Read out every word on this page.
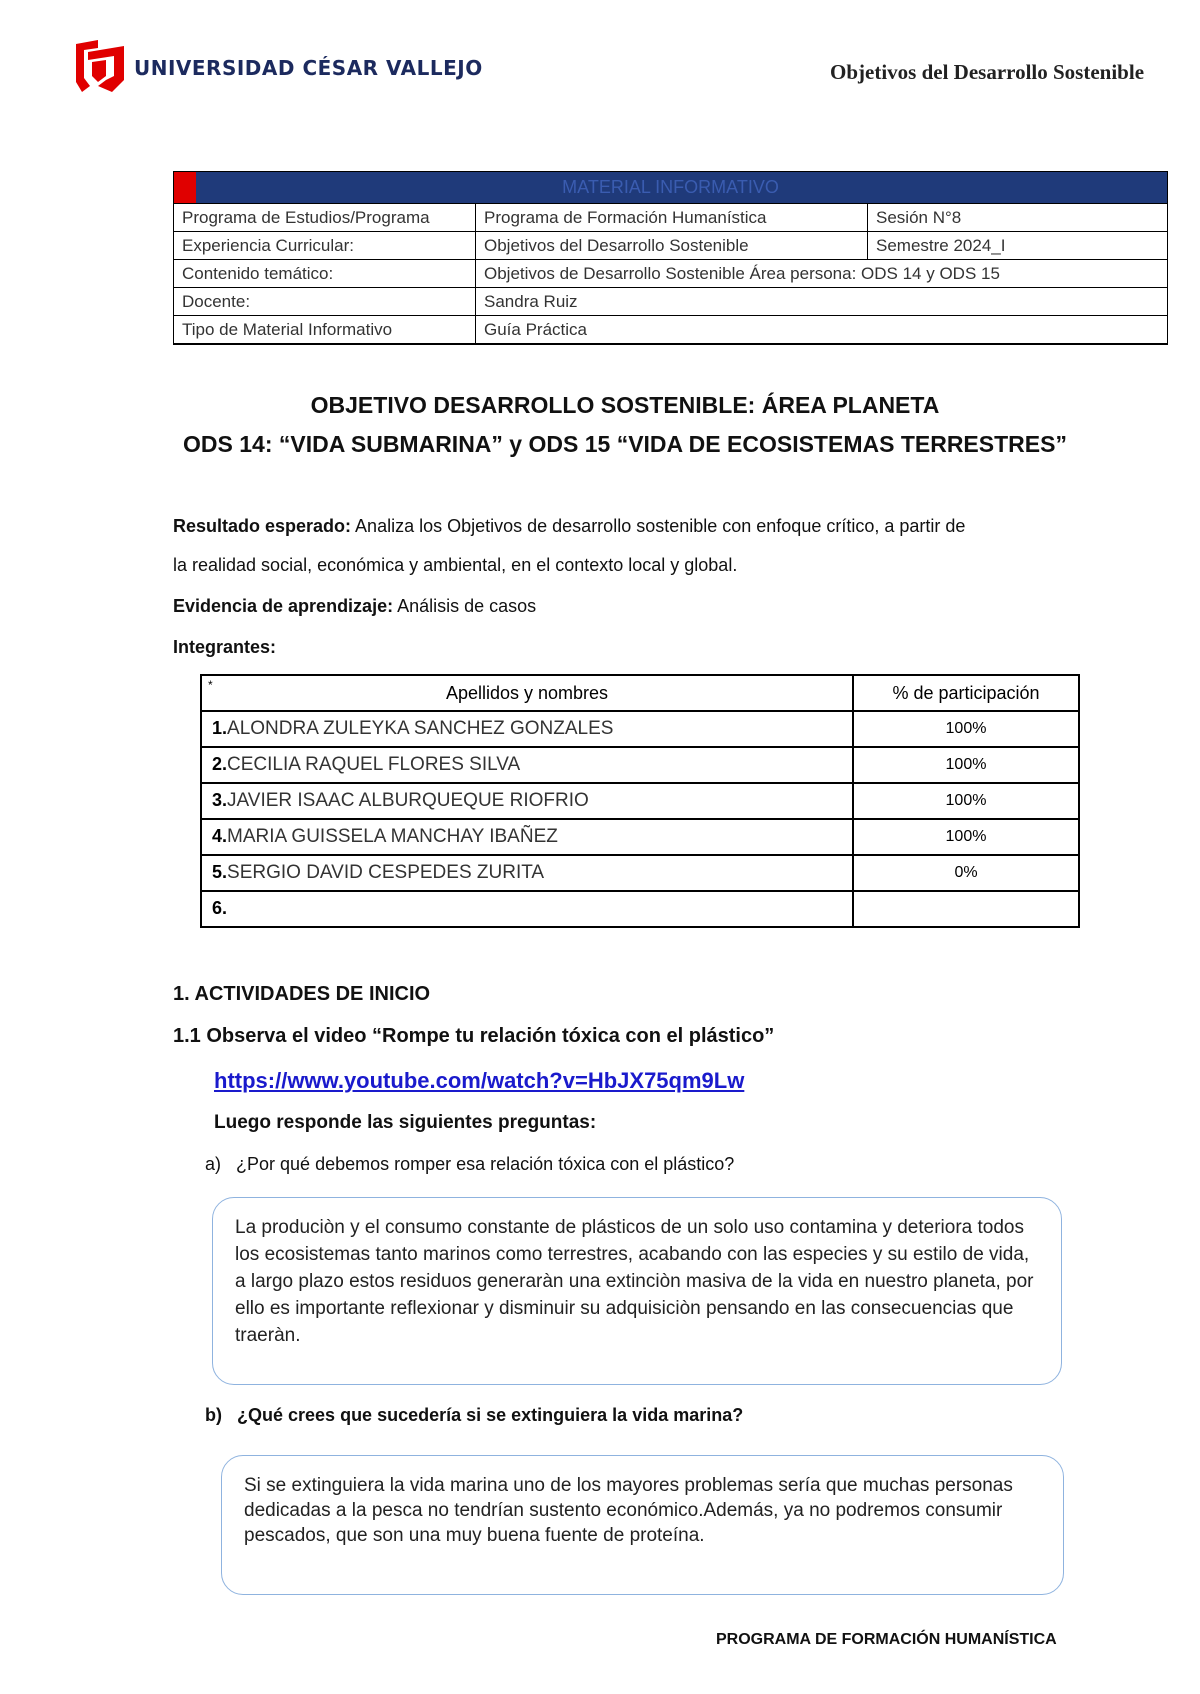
UNIVERSIDAD CÉSAR VALLEJO	Objetivos del Desarrollo Sostenible
MATERIAL INFORMATIVO		
Programa de Estudios/Programa	Programa de Formación Humanística	Sesión N°8
Experiencia Curricular:	Objetivos del Desarrollo Sostenible	Semestre 2024_I
Contenido temático:	Objetivos de Desarrollo Sostenible Área persona: ODS 14 y ODS 15	
Docente:	Sandra Ruiz	
Tipo de Material Informativo	Guía Práctica	
OBJETIVO DESARROLLO SOSTENIBLE: ÁREA PLANETA
ODS 14: “VIDA SUBMARINA” y ODS 15 “VIDA DE ECOSISTEMAS TERRESTRES”
Resultado esperado: Analiza los Objetivos de desarrollo sostenible con enfoque crítico, a partir de
la realidad social, económica y ambiental, en el contexto local y global.
Evidencia de aprendizaje: Análisis de casos
Integrantes:
* Apellidos y nombres	% de participación
1.ALONDRA ZULEYKA SANCHEZ GONZALES	100%
2.CECILIA RAQUEL FLORES SILVA	100%
3.JAVIER ISAAC ALBURQUEQUE RIOFRIO	100%
4.MARIA GUISSELA MANCHAY IBAÑEZ	100%
5.SERGIO DAVID CESPEDES ZURITA	0%
6.	
1. ACTIVIDADES DE INICIO
1.1 Observa el video “Rompe tu relación tóxica con el plástico”
https://www.youtube.com/watch?v=HbJX75qm9Lw
Luego responde las siguientes preguntas:
a) ¿Por qué debemos romper esa relación tóxica con el plástico?
La produciòn y el consumo constante de plásticos de un solo uso contamina y deteriora todos los ecosistemas tanto marinos como terrestres, acabando con las especies y su estilo de vida, a largo plazo estos residuos generaràn una extinciòn masiva de la vida en nuestro planeta, por ello es importante reflexionar y disminuir su adquisiciòn pensando en las consecuencias que traeràn.
b) ¿Qué crees que sucedería si se extinguiera la vida marina?
Si se extinguiera la vida marina uno de los mayores problemas sería que muchas personas dedicadas a la pesca no tendrían sustento económico.Además, ya no podremos consumir pescados, que son una muy buena fuente de proteína.
PROGRAMA DE FORMACIÓN HUMANÍSTICA
